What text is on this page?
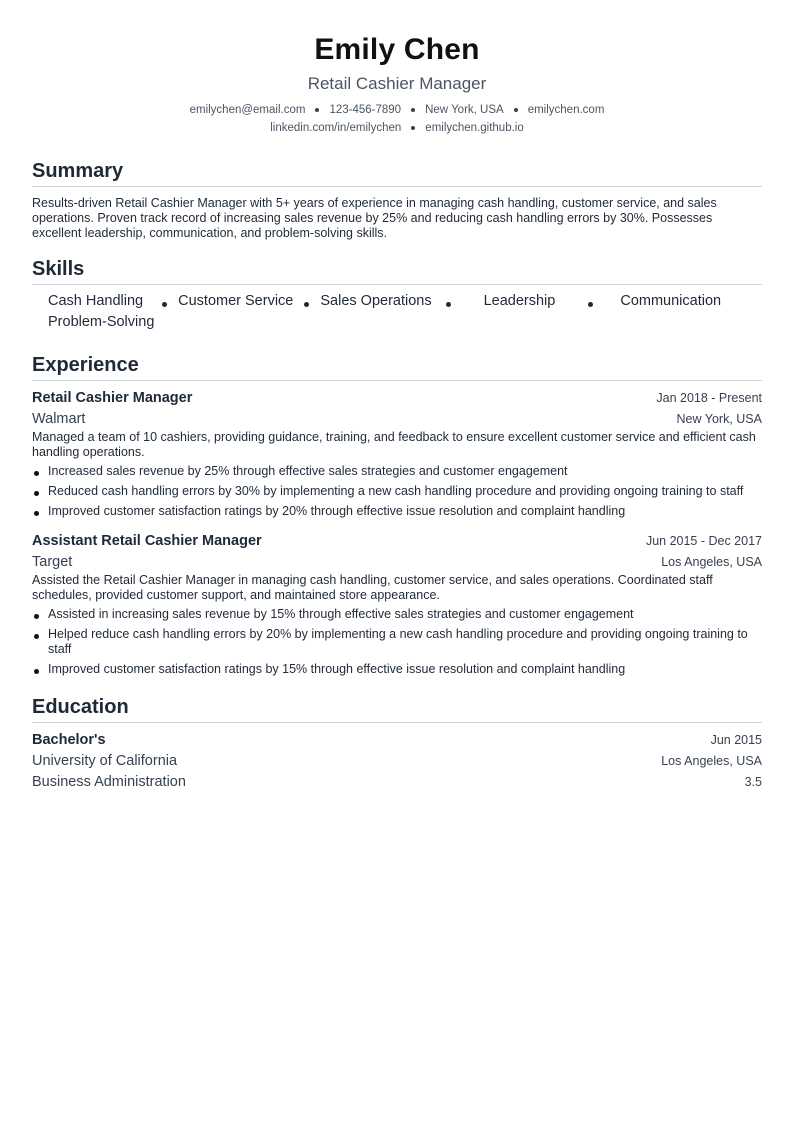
Emily Chen
Retail Cashier Manager
emilychen@email.com 123-456-7890 New York, USA emilychen.com
linkedin.com/in/emilychen emilychen.github.io
Summary

Results-driven Retail Cashier Manager with 5+ years of experience in managing cash handling, customer service, and sales operations. Proven track record of increasing sales revenue by 25% and reducing cash handling errors by 30%. Possesses excellent leadership, communication, and problem-solving skills.

Skills
Cash Handling Customer Service Sales Operations	Leadership	Communication
Problem-Solving
Experience
Retail Cashier Manager	Jan 2018 - Present
Walmart	New York, USA

Managed a team of 10 cashiers, providing guidance, training, and feedback to ensure excellent customer service and efficient cash handling operations.

Increased sales revenue by 25% through effective sales strategies and customer engagement
Reduced cash handling errors by 30% by implementing a new cash handling procedure and providing ongoing training to staff
Improved customer satisfaction ratings by 20% through effective issue resolution and complaint handling
Assistant Retail Cashier Manager	Jun 2015 - Dec 2017
Target	Los Angeles, USA

Assisted the Retail Cashier Manager in managing cash handling, customer service, and sales operations. Coordinated staff schedules, provided customer support, and maintained store appearance.

Assisted in increasing sales revenue by 15% through effective sales strategies and customer engagement
Helped reduce cash handling errors by 20% by implementing a new cash handling procedure and providing ongoing training to staff
Improved customer satisfaction ratings by 15% through effective issue resolution and complaint handling
Education
Bachelor's	Jun 2015
University of California	Los Angeles, USA
Business Administration	3.5
